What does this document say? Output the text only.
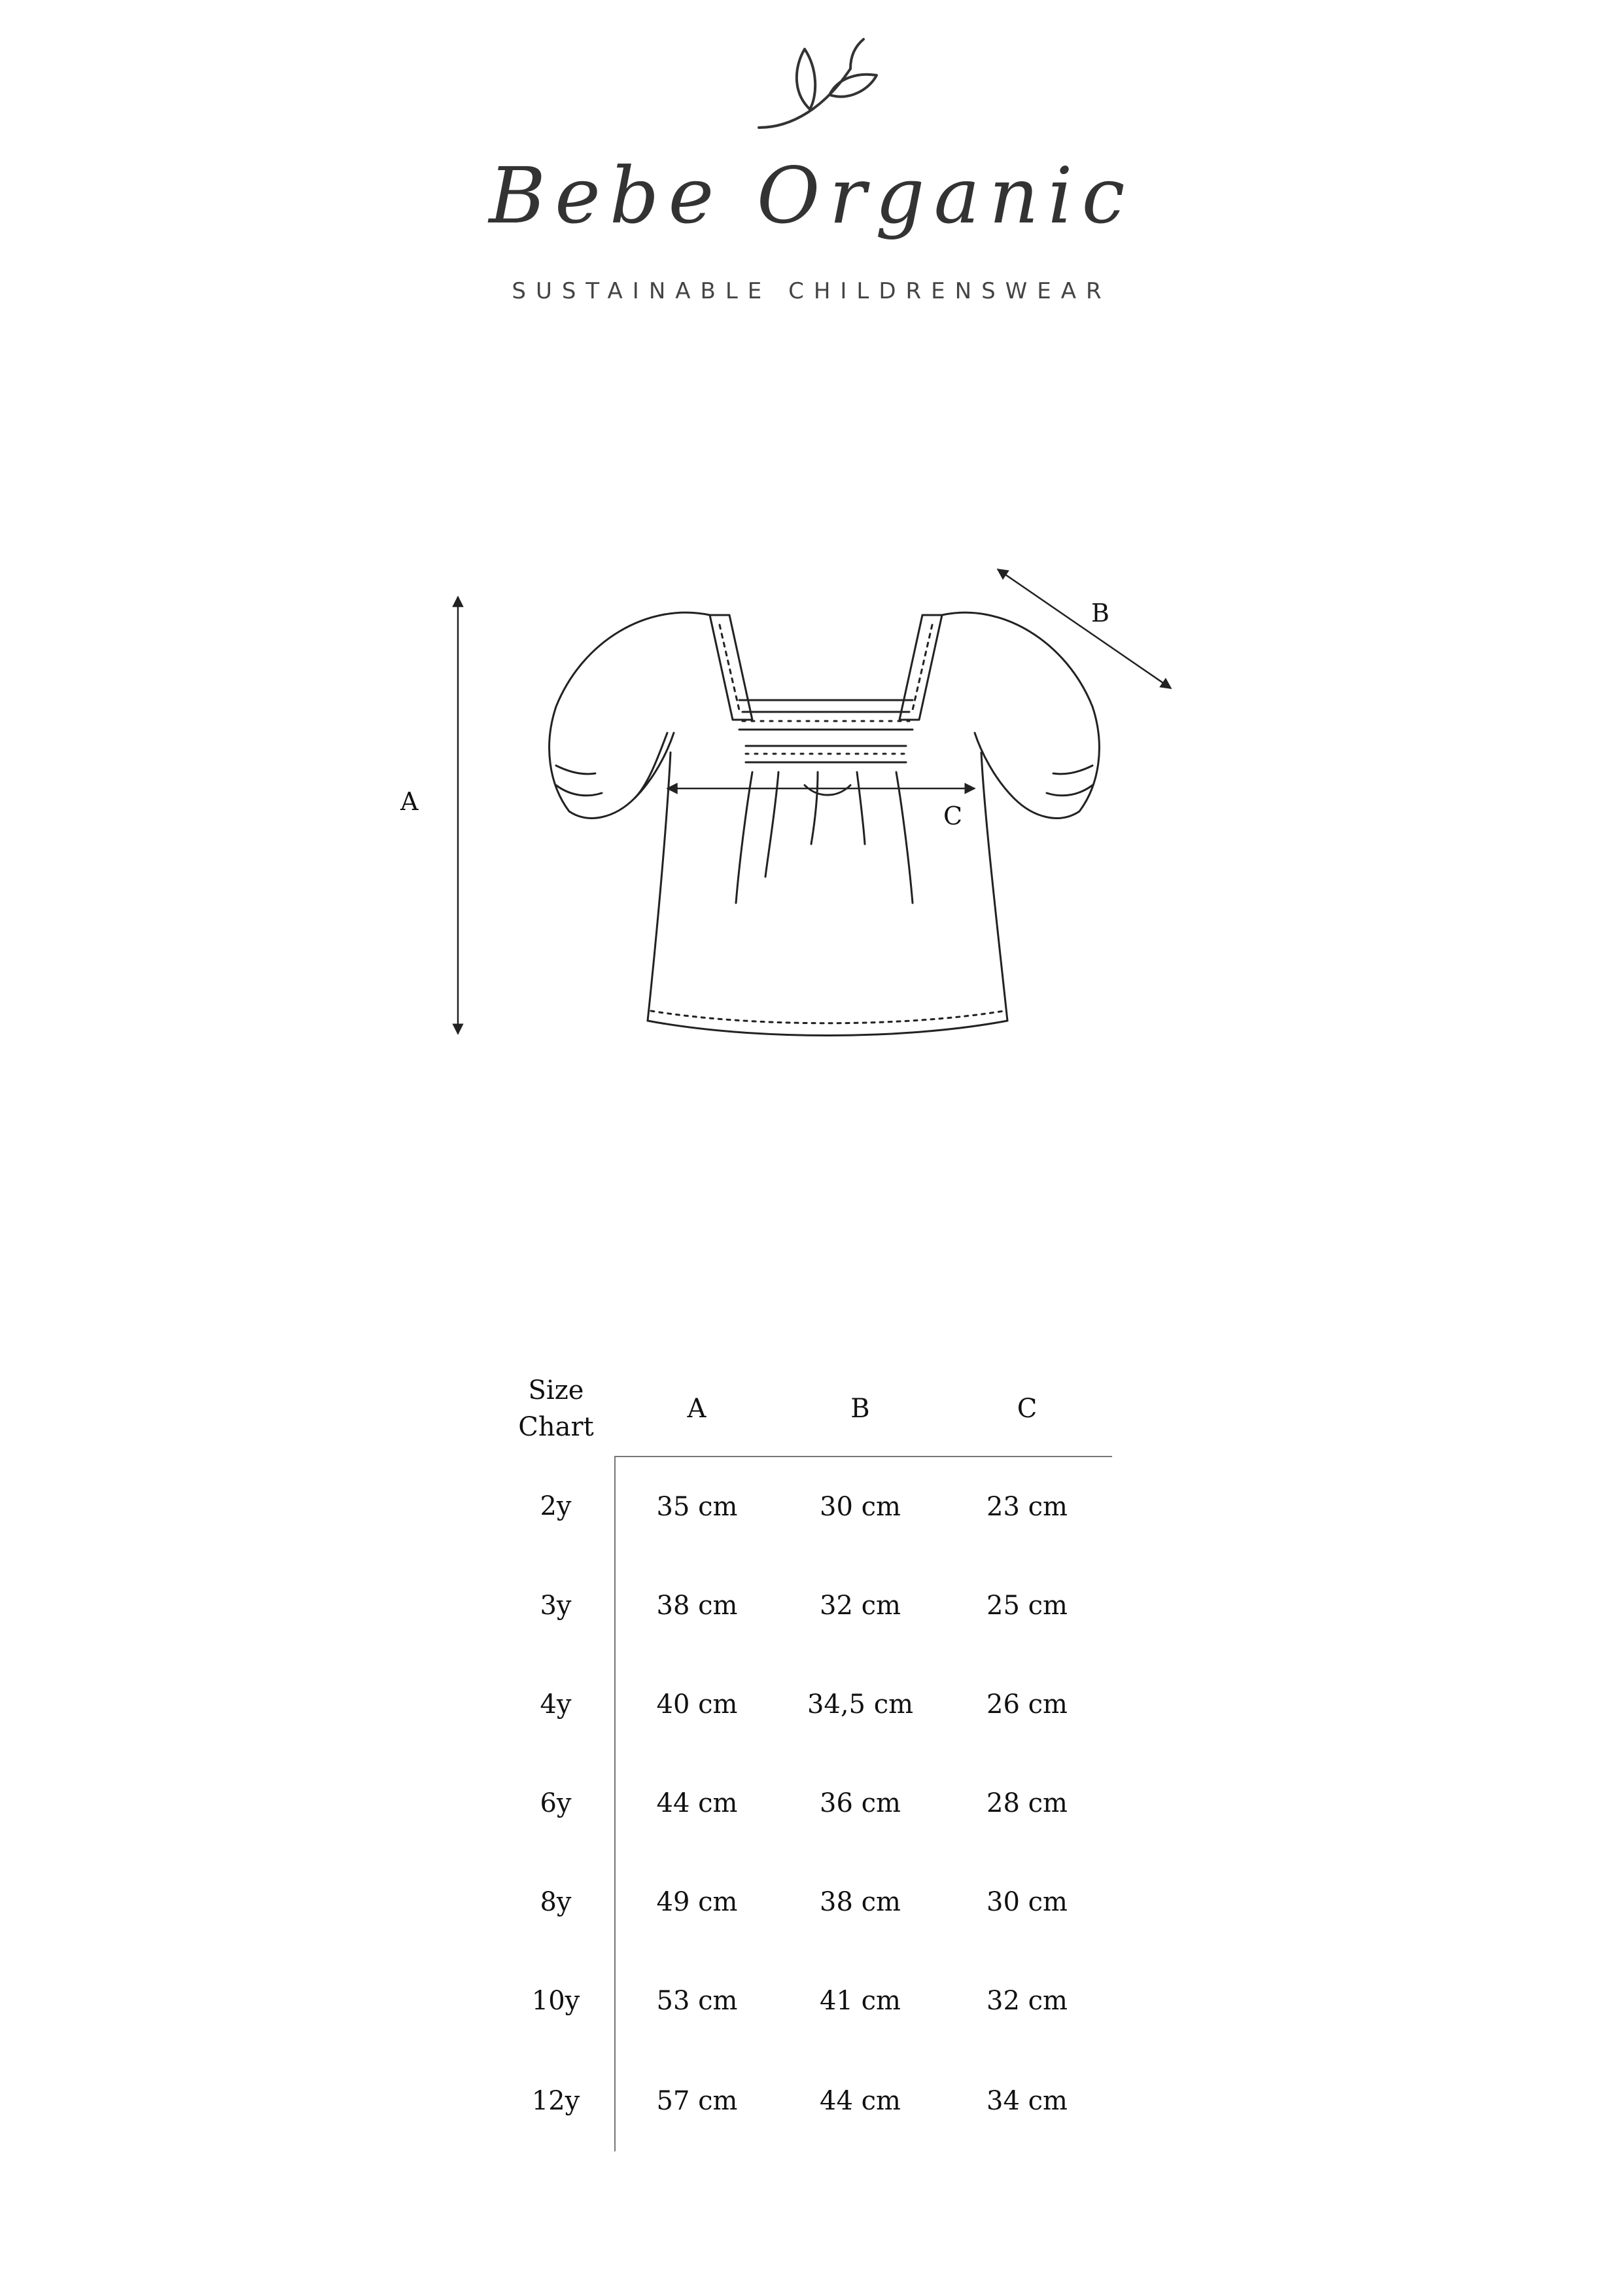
Bebe Organic
SUSTAINABLE CHILDRENSWEAR
A
B
C
Size
Chart	A	B	C
2y	35 cm	30 cm	23 cm
3y	38 cm	32 cm	25 cm
4y	40 cm	34,5 cm	26 cm
6y	44 cm	36 cm	28 cm
8y	49 cm	38 cm	30 cm
10y	53 cm	41 cm	32 cm
12y	57 cm	44 cm	34 cm
